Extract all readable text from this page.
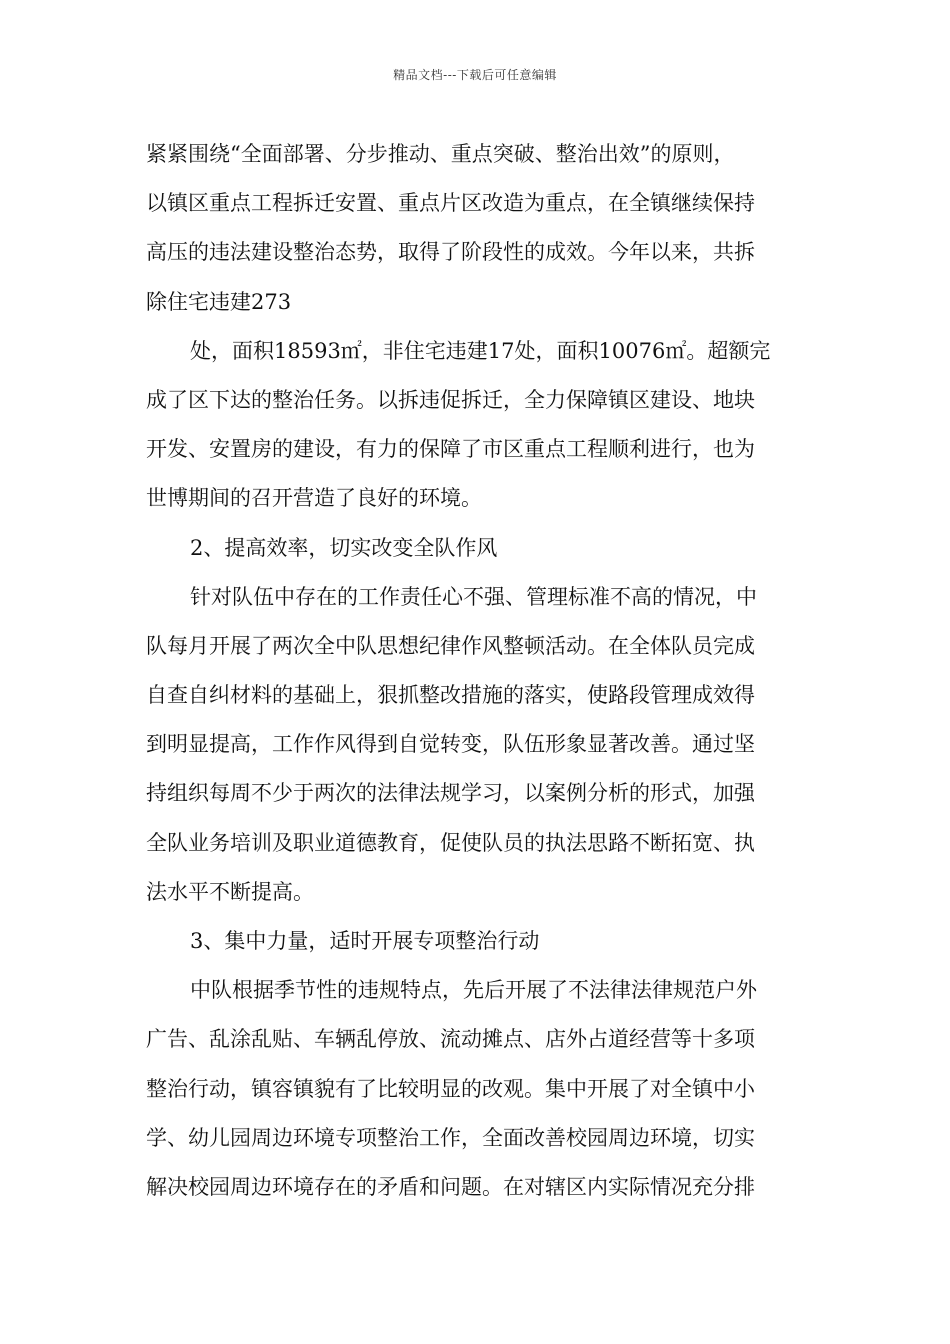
精品文档---下载后可任意编辑
紧紧围绕“全面部署、分步推动、重点突破、整治出效”的原则，
以镇区重点工程拆迁安置、重点片区改造为重点，在全镇继续保持
高压的违法建设整治态势，取得了阶段性的成效。今年以来，共拆
除住宅违建273
处，面积18593㎡，非住宅违建17处，面积10076㎡。超额完
成了区下达的整治任务。以拆违促拆迁，全力保障镇区建设、地块
开发、安置房的建设，有力的保障了市区重点工程顺利进行，也为
世博期间的召开营造了良好的环境。
2、提高效率，切实改变全队作风
针对队伍中存在的工作责任心不强、管理标准不高的情况，中
队每月开展了两次全中队思想纪律作风整顿活动。在全体队员完成
自查自纠材料的基础上，狠抓整改措施的落实，使路段管理成效得
到明显提高，工作作风得到自觉转变，队伍形象显著改善。通过坚
持组织每周不少于两次的法律法规学习，以案例分析的形式，加强
全队业务培训及职业道德教育，促使队员的执法思路不断拓宽、执
法水平不断提高。
3、集中力量，适时开展专项整治行动
中队根据季节性的违规特点，先后开展了不法律法律规范户外
广告、乱涂乱贴、车辆乱停放、流动摊点、店外占道经营等十多项
整治行动，镇容镇貌有了比较明显的改观。集中开展了对全镇中小
学、幼儿园周边环境专项整治工作，全面改善校园周边环境，切实
解决校园周边环境存在的矛盾和问题。在对辖区内实际情况充分排
